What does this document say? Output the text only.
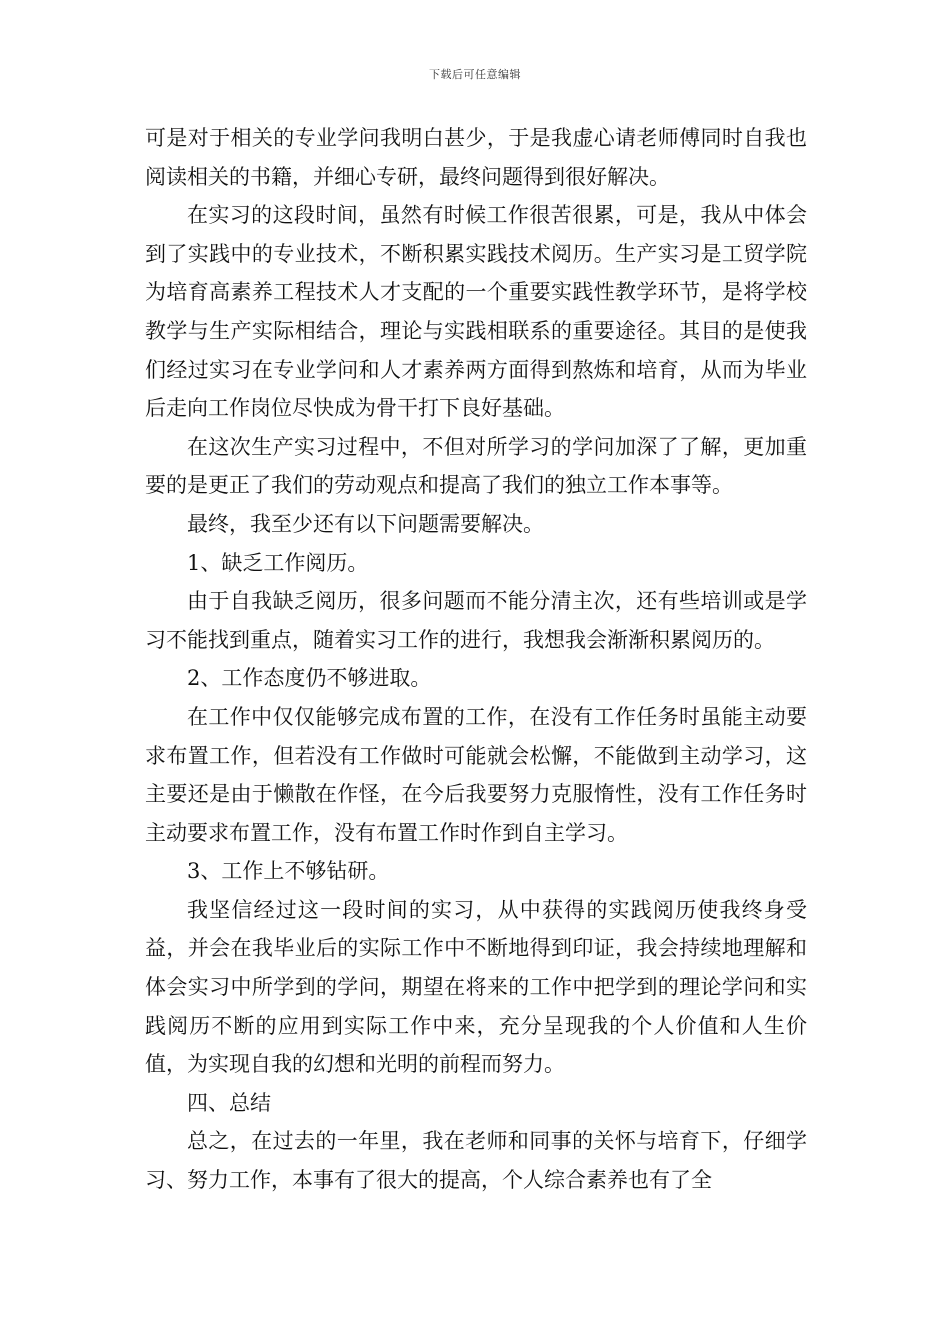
下载后可任意编辑

可是对于相关的专业学问我明白甚少，于是我虚心请老师傅同时自我也阅读相关的书籍，并细心专研，最终问题得到很好解决。

在实习的这段时间，虽然有时候工作很苦很累，可是，我从中体会到了实践中的专业技术，不断积累实践技术阅历。生产实习是工贸学院为培育高素养工程技术人才支配的一个重要实践性教学环节，是将学校教学与生产实际相结合，理论与实践相联系的重要途径。其目的是使我们经过实习在专业学问和人才素养两方面得到熬炼和培育，从而为毕业后走向工作岗位尽快成为骨干打下良好基础。

在这次生产实习过程中，不但对所学习的学问加深了了解，更加重要的是更正了我们的劳动观点和提高了我们的独立工作本事等。

最终，我至少还有以下问题需要解决。

1、缺乏工作阅历。

由于自我缺乏阅历，很多问题而不能分清主次，还有些培训或是学习不能找到重点，随着实习工作的进行，我想我会渐渐积累阅历的。

2、工作态度仍不够进取。

在工作中仅仅能够完成布置的工作，在没有工作任务时虽能主动要求布置工作，但若没有工作做时可能就会松懈，不能做到主动学习，这主要还是由于懒散在作怪，在今后我要努力克服惰性，没有工作任务时主动要求布置工作，没有布置工作时作到自主学习。

3、工作上不够钻研。

我坚信经过这一段时间的实习，从中获得的实践阅历使我终身受益，并会在我毕业后的实际工作中不断地得到印证，我会持续地理解和体会实习中所学到的学问，期望在将来的工作中把学到的理论学问和实践阅历不断的应用到实际工作中来，充分呈现我的个人价值和人生价值，为实现自我的幻想和光明的前程而努力。

四、总结

总之，在过去的一年里，我在老师和同事的关怀与培育下，仔细学习、努力工作，本事有了很大的提高，个人综合素养也有了全
